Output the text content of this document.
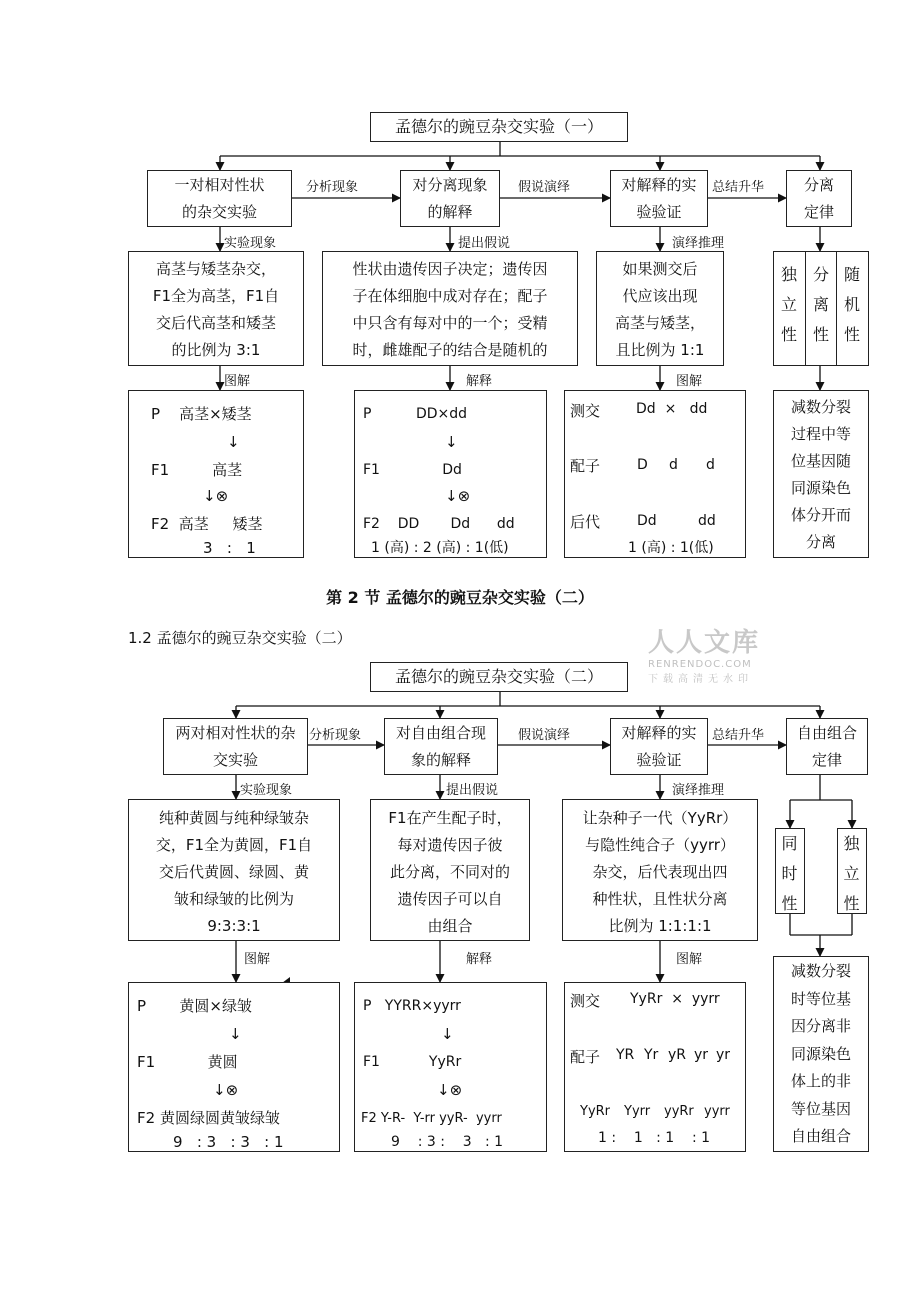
孟德尔的豌豆杂交实验（一）
一对相对性状的杂交实验
对分离现象的解释
对解释的实验验证
分离定律
分析现象	假说演绎	总结升华
实验现象	提出假说	演绎推理
高茎与矮茎杂交，
F1全为高茎，F1自
交后代高茎和矮茎
的比例为 3:1
性状由遗传因子决定；遗传因
子在体细胞中成对存在；配子
中只含有每对中的一个；受精
时，雌雄配子的结合是随机的
如果测交后
代应该出现
高茎与矮茎，
且比例为 1:1
独立性
分离性
随机性
图解	解释	图解
P    高茎×矮茎
↓
F1         高茎
↓⊗
F2  高茎     矮茎
3   :   1
P          DD×dd
↓
F1              Dd
↓⊗
F2    DD       Dd      dd
1 (高) : 2 (高) : 1(低)
测交	Dd  ×   dd
配子	D d d
后代	Dd	dd
1 (高) : 1(低)
减数分裂
过程中等
位基因随
同源染色
体分开而
分离
第 2 节 孟德尔的豌豆杂交实验（二）
1.2 孟德尔的豌豆杂交实验（二）	人人文库
RENRENDOC.COM
下载高清无水印
孟德尔的豌豆杂交实验（二）
两对相对性状的杂交实验
对自由组合现象的解释
对解释的实验验证
自由组合定律
分析现象	假说演绎	总结升华
实验现象	提出假说	演绎推理
纯种黄圆与纯种绿皱杂
交，F1全为黄圆，F1自
交后代黄圆、绿圆、黄
皱和绿皱的比例为
9:3:3:1
F1在产生配子时，
每对遗传因子彼
此分离，不同对的
遗传因子可以自
由组合
让杂种子一代（YyRr）
与隐性纯合子（yyrr）
杂交，后代表现出四
种性状，且性状分离
比例为 1:1:1:1
同时性
独立性
图解	解释	图解
P       黄圆×绿皱
↓
F1           黄圆
↓⊗
F2 黄圆绿圆黄皱绿皱
9   : 3   : 3   : 1
P   YYRR×yyrr
↓
F1           YyRr
↓⊗
F2 Y-R-  Y-rr yyR-  yyrr
9    : 3 :    3   : 1
测交 YyRr  ×  yyrr
配子 YR Yr yR yr yr
YyRr Yyrr yyRr yyrr
1 :    1   : 1    : 1
减数分裂
时等位基
因分离非
同源染色
体上的非
等位基因
自由组合
